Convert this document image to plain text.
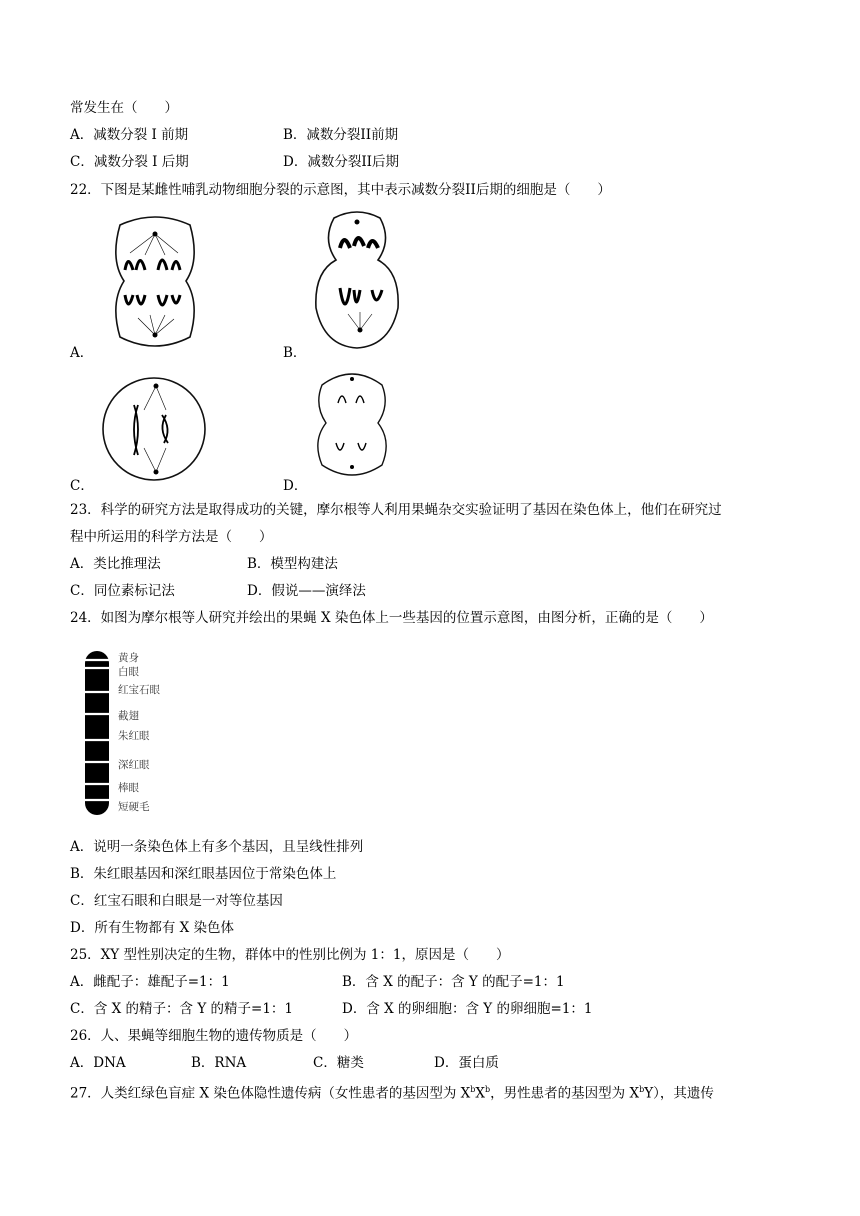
常发生在（　　）
A．减数分裂 I 前期	B．减数分裂II前期
C．减数分裂 I 后期	D．减数分裂II后期
22．下图是某雌性哺乳动物细胞分裂的示意图，其中表示减数分裂II后期的细胞是（　　）
A．	B．
C．	D．
23．科学的研究方法是取得成功的关键，摩尔根等人利用果蝇杂交实验证明了基因在染色体上，他们在研究过
程中所运用的科学方法是（　　）
A．类比推理法	B．模型构建法
C．同位素标记法	D．假说——演绎法
24．如图为摩尔根等人研究并绘出的果蝇 X 染色体上一些基因的位置示意图，由图分析，正确的是（　　）
黄身
白眼
红宝石眼
截翅
朱红眼
深红眼
棒眼
短硬毛
A．说明一条染色体上有多个基因，且呈线性排列
B．朱红眼基因和深红眼基因位于常染色体上
C．红宝石眼和白眼是一对等位基因
D．所有生物都有 X 染色体
25．XY 型性别决定的生物，群体中的性别比例为 1：1，原因是（　　）
A．雌配子：雄配子=1：1	B．含 X 的配子：含 Y 的配子=1：1
C．含 X 的精子：含 Y 的精子=1：1	D．含 X 的卵细胞：含 Y 的卵细胞=1：1
26．人、果蝇等细胞生物的遗传物质是（　　）
A．DNA	B．RNA	C．糖类	D．蛋白质
27．人类红绿色盲症 X 染色体隐性遗传病（女性患者的基因型为 $X^bX^b$，男性患者的基因型为 $X^bY$），其遗传
